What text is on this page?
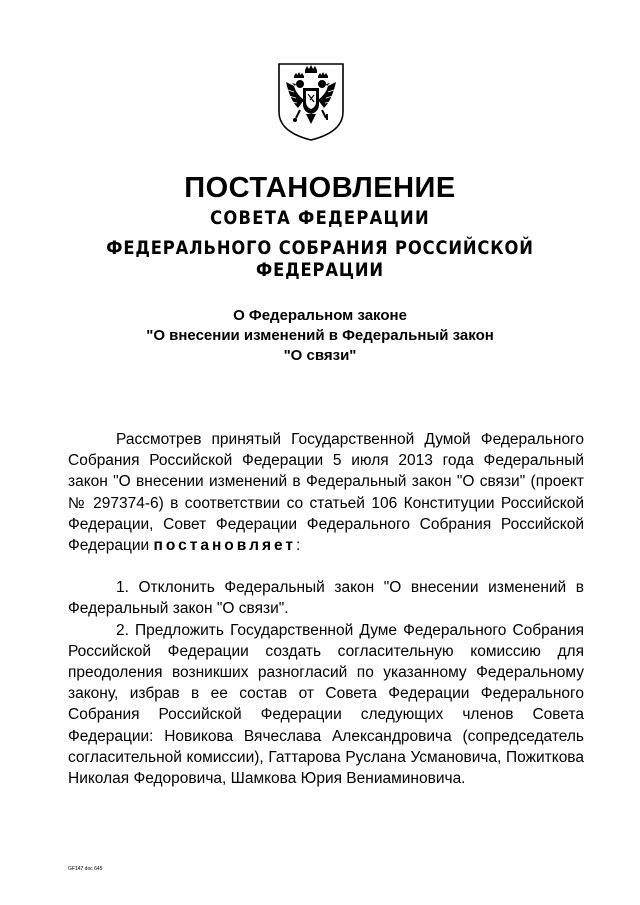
ПОСТАНОВЛЕНИЕ
СОВЕТА ФЕДЕРАЦИИ
ФЕДЕРАЛЬНОГО СОБРАНИЯ РОССИЙСКОЙ ФЕДЕРАЦИИ
О Федеральном законе
"О внесении изменений в Федеральный закон
"О связи"

Рассмотрев принятый Государственной Думой Федерального Собрания Российской Федерации 5 июля 2013 года Федеральный закон "О внесении изменений в Федеральный закон "О связи" (проект № 297374-6) в соответствии со статьей 106 Конституции Российской Федерации, Совет Федерации Федерального Собрания Российской Федерации постановляет:

1. Отклонить Федеральный закон "О внесении изменений в Федеральный закон "О связи".

2. Предложить Государственной Думе Федерального Собрания Российской Федерации создать согласительную комиссию для преодоления возникших разногласий по указанному Федеральному закону, избрав в ее состав от Совета Федерации Федерального Собрания Российской Федерации следующих членов Совета Федерации: Новикова Вячеслава Александровича (сопредседатель согласительной комиссии), Гаттарова Руслана Усмановича, Пожиткова Николая Федоровича, Шамкова Юрия Вениаминовича.

GF147 doc 645
